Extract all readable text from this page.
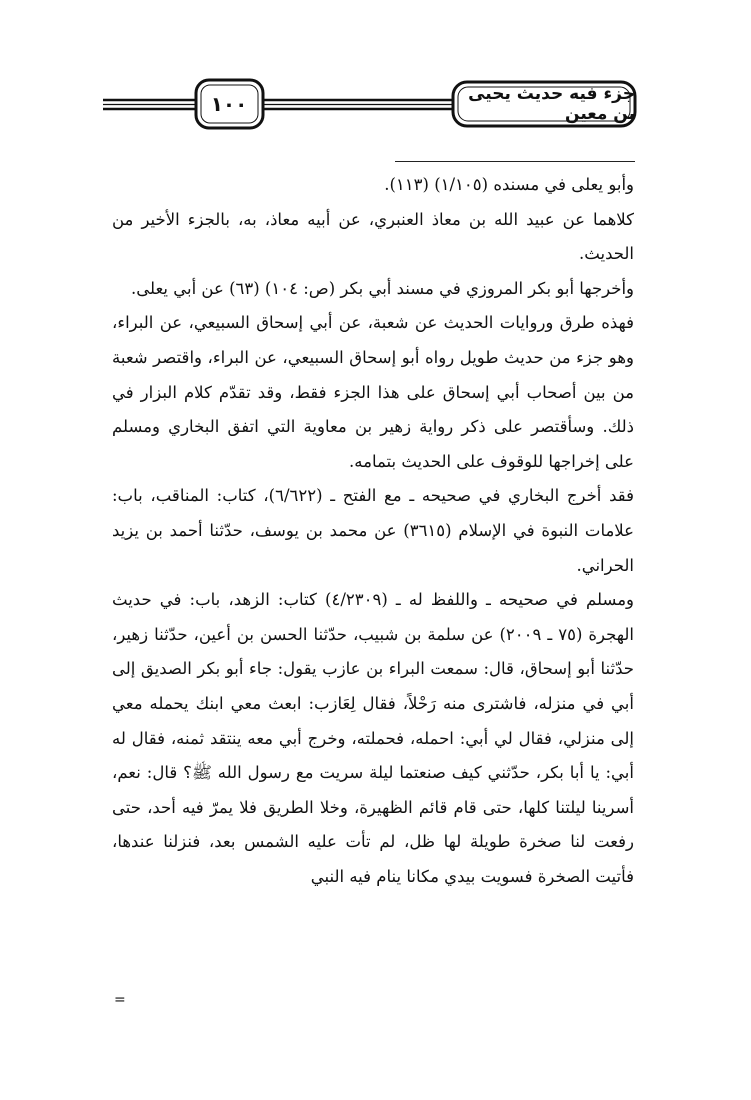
جزء فيه حديث يحيى بن معين
١٠٠

وأبو يعلى في مسنده (١/١٠٥) (١١٣).

كلاهما عن عبيد الله بن معاذ العنبري، عن أبيه معاذ، به، بالجزء الأخير من الحديث.

وأخرجها أبو بكر المروزي في مسند أبي بكر (ص: ١٠٤) (٦٣) عن أبي يعلى.

فهذه طرق وروايات الحديث عن شعبة، عن أبي إسحاق السبيعي، عن البراء، وهو جزء من حديث طويل رواه أبو إسحاق السبيعي، عن البراء، واقتصر شعبة من بين أصحاب أبي إسحاق على هذا الجزء فقط، وقد تقدّم كلام البزار في ذلك. وسأقتصر على ذكر رواية زهير بن معاوية التي اتفق البخاري ومسلم على إخراجها للوقوف على الحديث بتمامه.

فقد أخرج البخاري في صحيحه ـ مع الفتح ـ (٦/٦٢٢)، كتاب: المناقب، باب: علامات النبوة في الإسلام (٣٦١٥) عن محمد بن يوسف، حدّثنا أحمد بن يزيد الحراني.

ومسلم في صحيحه ـ واللفظ له ـ (٤/٢٣٠٩) كتاب: الزهد، باب: في حديث الهجرة (٧٥ ـ ٢٠٠٩) عن سلمة بن شبيب، حدّثنا الحسن بن أعين، حدّثنا زهير، حدّثنا أبو إسحاق، قال: سمعت البراء بن عازب يقول: جاء أبو بكر الصديق إلى أبي في منزله، فاشترى منه رَحْلاً، فقال لِعَازب: ابعث معي ابنك يحمله معي إلى منزلي، فقال لي أبي: احمله، فحملته، وخرج أبي معه ينتقد ثمنه، فقال له أبي: يا أبا بكر، حدّثني كيف صنعتما ليلة سريت مع رسول الله ﷺ؟ قال: نعم، أسرينا ليلتنا كلها، حتى قام قائم الظهيرة، وخلا الطريق فلا يمرّ فيه أحد، حتى رفعت لنا صخرة طويلة لها ظل، لم تأت عليه الشمس بعد، فنزلنا عندها، فأتيت الصخرة فسويت بيدي مكانا ينام فيه النبي

=
